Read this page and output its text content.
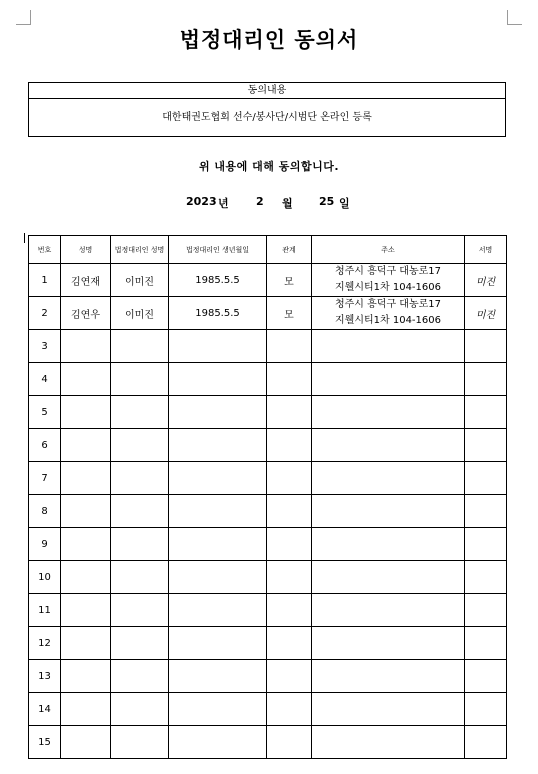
법정대리인 동의서
동의내용
대한태권도협회 선수/봉사단/시범단 온라인 등록
위 내용에 대해 동의합니다.
2023 년 2 월 25 일
번호	성명	법정대리인 성명	법정대리인 생년월일	관계	주소	서명
1	김연재	이미진	1985.5.5	모	청주시 흥덕구 대농로17
지웰시티1차 104-1606	미진
2	김연우	이미진	1985.5.5	모	청주시 흥덕구 대농로17
지웰시티1차 104-1606	미진
3						
4						
5						
6						
7						
8						
9						
10						
11						
12						
13						
14						
15						
